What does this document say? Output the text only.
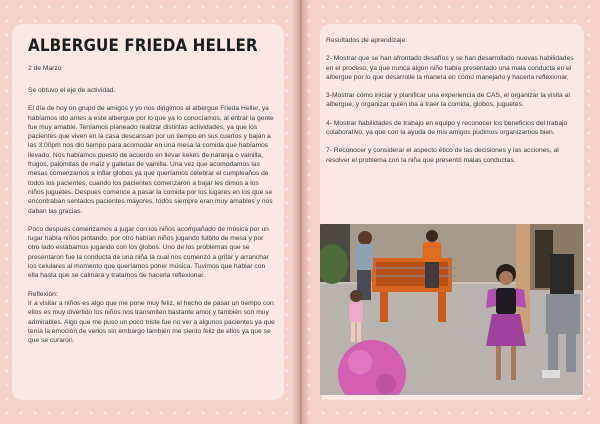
ALBERGUE FRIEDA HELLER
2 de Marzo

Se obtuvo el eje de actividad.

El día de hoy un grupo de amigos y yo nos dirigimos al albergue Frieda Heller, ya habíamos ido antes a este albergue por lo que ya lo conocíamos, al entrar la gente fue muy amable. Teníamos planeado realizar distintas actividades, ya que los pacientes que viven en la casa descansan por un tiempo en sus cuartos y bajan a las 3:00pm nos dio tiempo para acomodar en una mesa la comida que habíamos llevado. Nos habíamos puesto de acuerdo en llevar kekes de naranja o vainilla, frugos, palomitas de maíz y galletas de vainilla. Una vez que acomodamos las mesas comenzamos a inflar globos ya que queríamos celebrar el cumpleaños de todos los pacientes, cuando los pacientes comenzaron a bajar les dimos a los niños juguetes. Despues comence a pasar la comida por los lugares en los que se encontraban sentados pacientes mayores, todos siempre eran muy amables y nos daban las gracias.

Poco después comenzamos a jugar con los niños acompañado de música por un lugar había niños pintando, por otro habían niños jugando fulbito de mesa y por otro lado estábamos jugando con los globos. Uno de los problemas que se presentaron fue la conducta de una niña la cual nos comenzó a gritar y arranchar los celulares al momento que queríamos poner música. Tuvimos que hablar con ella hasta que se calmara y tratamos de hacerla reflexionar.

Reflexión:
Ir a visitar a niños es algo que me pone muy feliz, el hecho de pasar un tiempo con ellos es muy divertido los niños nos transmiten bastante amor y también son muy admirables. Algo que me puso un poco triste fue no ver a algunos pacientes ya que tenía la emoción de verlos sin embargo también me siento feliz de ellos ya que se que se curaron.

Resultados de aprendizaje:

2- Mostrar que se han afrontado desafíos y se han desarrollado nuevas habilidades en el proceso, ya que nunca algún niño había presentado una mala conducta en el albergue por lo que desarrolle la manera en cómo manejarlo y hacerla reflexionar.

3-Mostrar cómo iniciar y planificar una experiencia de CAS, el organizar la visita al albergue, y organizar quién iba a traer la comida, globos, juguetes.

4- Mostrar habilidades de trabajo en equipo y reconocer los beneficios del trabajo colaborativo, ya que con la ayuda de mis amigos pudimos organizarnos bien.

7- Reconocer y considerar el aspecto ético de las decisiones y las acciones, al resolver el problema con la niña que presentó malas conductas.
